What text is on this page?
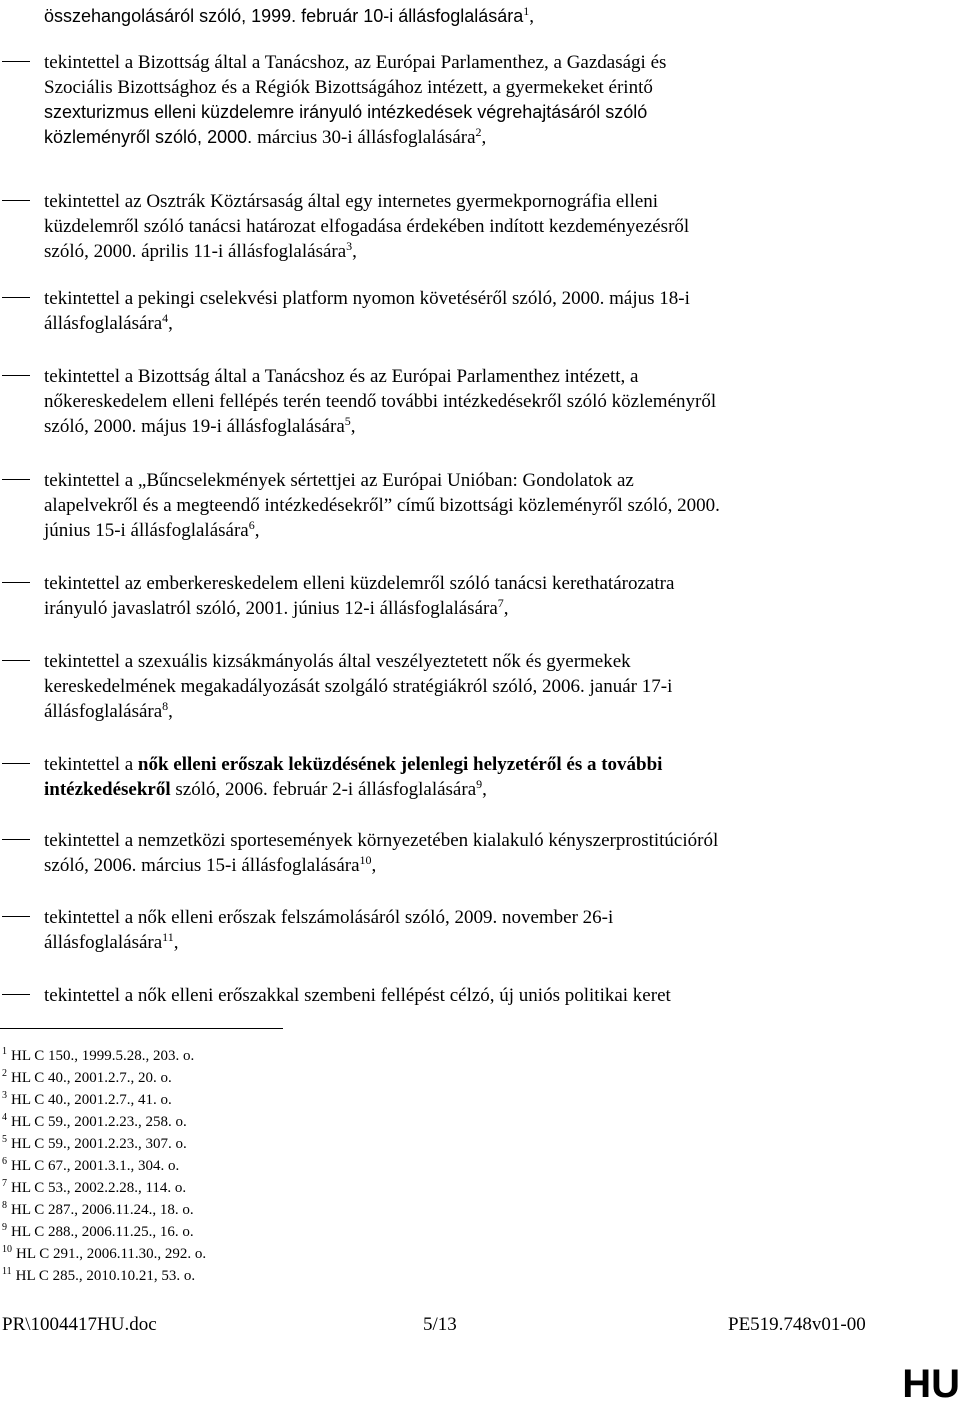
összehangolásáról szóló, 1999. február 10-i állásfoglalására$^1$,
tekintettel a Bizottság által a Tanácshoz, az Európai Parlamenthez, a Gazdasági és
Szociális Bizottsághoz és a Régiók Bizottságához intézett, a gyermekeket érintő
szexturizmus elleni küzdelemre irányuló intézkedések végrehajtásáról szóló
közleményről szóló, 2000. március 30-i állásfoglalására$^2$,
tekintettel az Osztrák Köztársaság által egy internetes gyermekpornográfia elleni
küzdelemről szóló tanácsi határozat elfogadása érdekében indított kezdeményezésről
szóló, 2000. április 11-i állásfoglalására$^3$,
tekintettel a pekingi cselekvési platform nyomon követéséről szóló, 2000. május 18-i
állásfoglalására$^4$,
tekintettel a Bizottság által a Tanácshoz és az Európai Parlamenthez intézett, a
nőkereskedelem elleni fellépés terén teendő további intézkedésekről szóló közleményről
szóló, 2000. május 19-i állásfoglalására$^5$,
tekintettel a „Bűncselekmények sértettjei az Európai Unióban: Gondolatok az
alapelvekről és a megteendő intézkedésekről” című bizottsági közleményről szóló, 2000.
június 15-i állásfoglalására$^6$,
tekintettel az emberkereskedelem elleni küzdelemről szóló tanácsi kerethatározatra
irányuló javaslatról szóló, 2001. június 12-i állásfoglalására$^7$,
tekintettel a szexuális kizsákmányolás által veszélyeztetett nők és gyermekek
kereskedelmének megakadályozását szolgáló stratégiákról szóló, 2006. január 17-i
állásfoglalására$^8$,
tekintettel a nők elleni erőszak leküzdésének jelenlegi helyzetéről és a további
intézkedésekről szóló, 2006. február 2-i állásfoglalására$^9$,
tekintettel a nemzetközi sportesemények környezetében kialakuló kényszerprostitúcióról
szóló, 2006. március 15-i állásfoglalására$^{10}$,
tekintettel a nők elleni erőszak felszámolásáról szóló, 2009. november 26-i
állásfoglalására$^{11}$,
tekintettel a nők elleni erőszakkal szembeni fellépést célzó, új uniós politikai keret
$^1$ HL C 150., 1999.5.28., 203. o.
$^2$ HL C 40., 2001.2.7., 20. o.
$^3$ HL C 40., 2001.2.7., 41. o.
$^4$ HL C 59., 2001.2.23., 258. o.
$^5$ HL C 59., 2001.2.23., 307. o.
$^6$ HL C 67., 2001.3.1., 304. o.
$^7$ HL C 53., 2002.2.28., 114. o.
$^8$ HL C 287., 2006.11.24., 18. o.
$^9$ HL C 288., 2006.11.25., 16. o.
$^{10}$ HL C 291., 2006.11.30., 292. o.
$^{11}$ HL C 285., 2010.10.21, 53. o.
PR\1004417HU.doc	5/13	PE519.748v01-00
HU
